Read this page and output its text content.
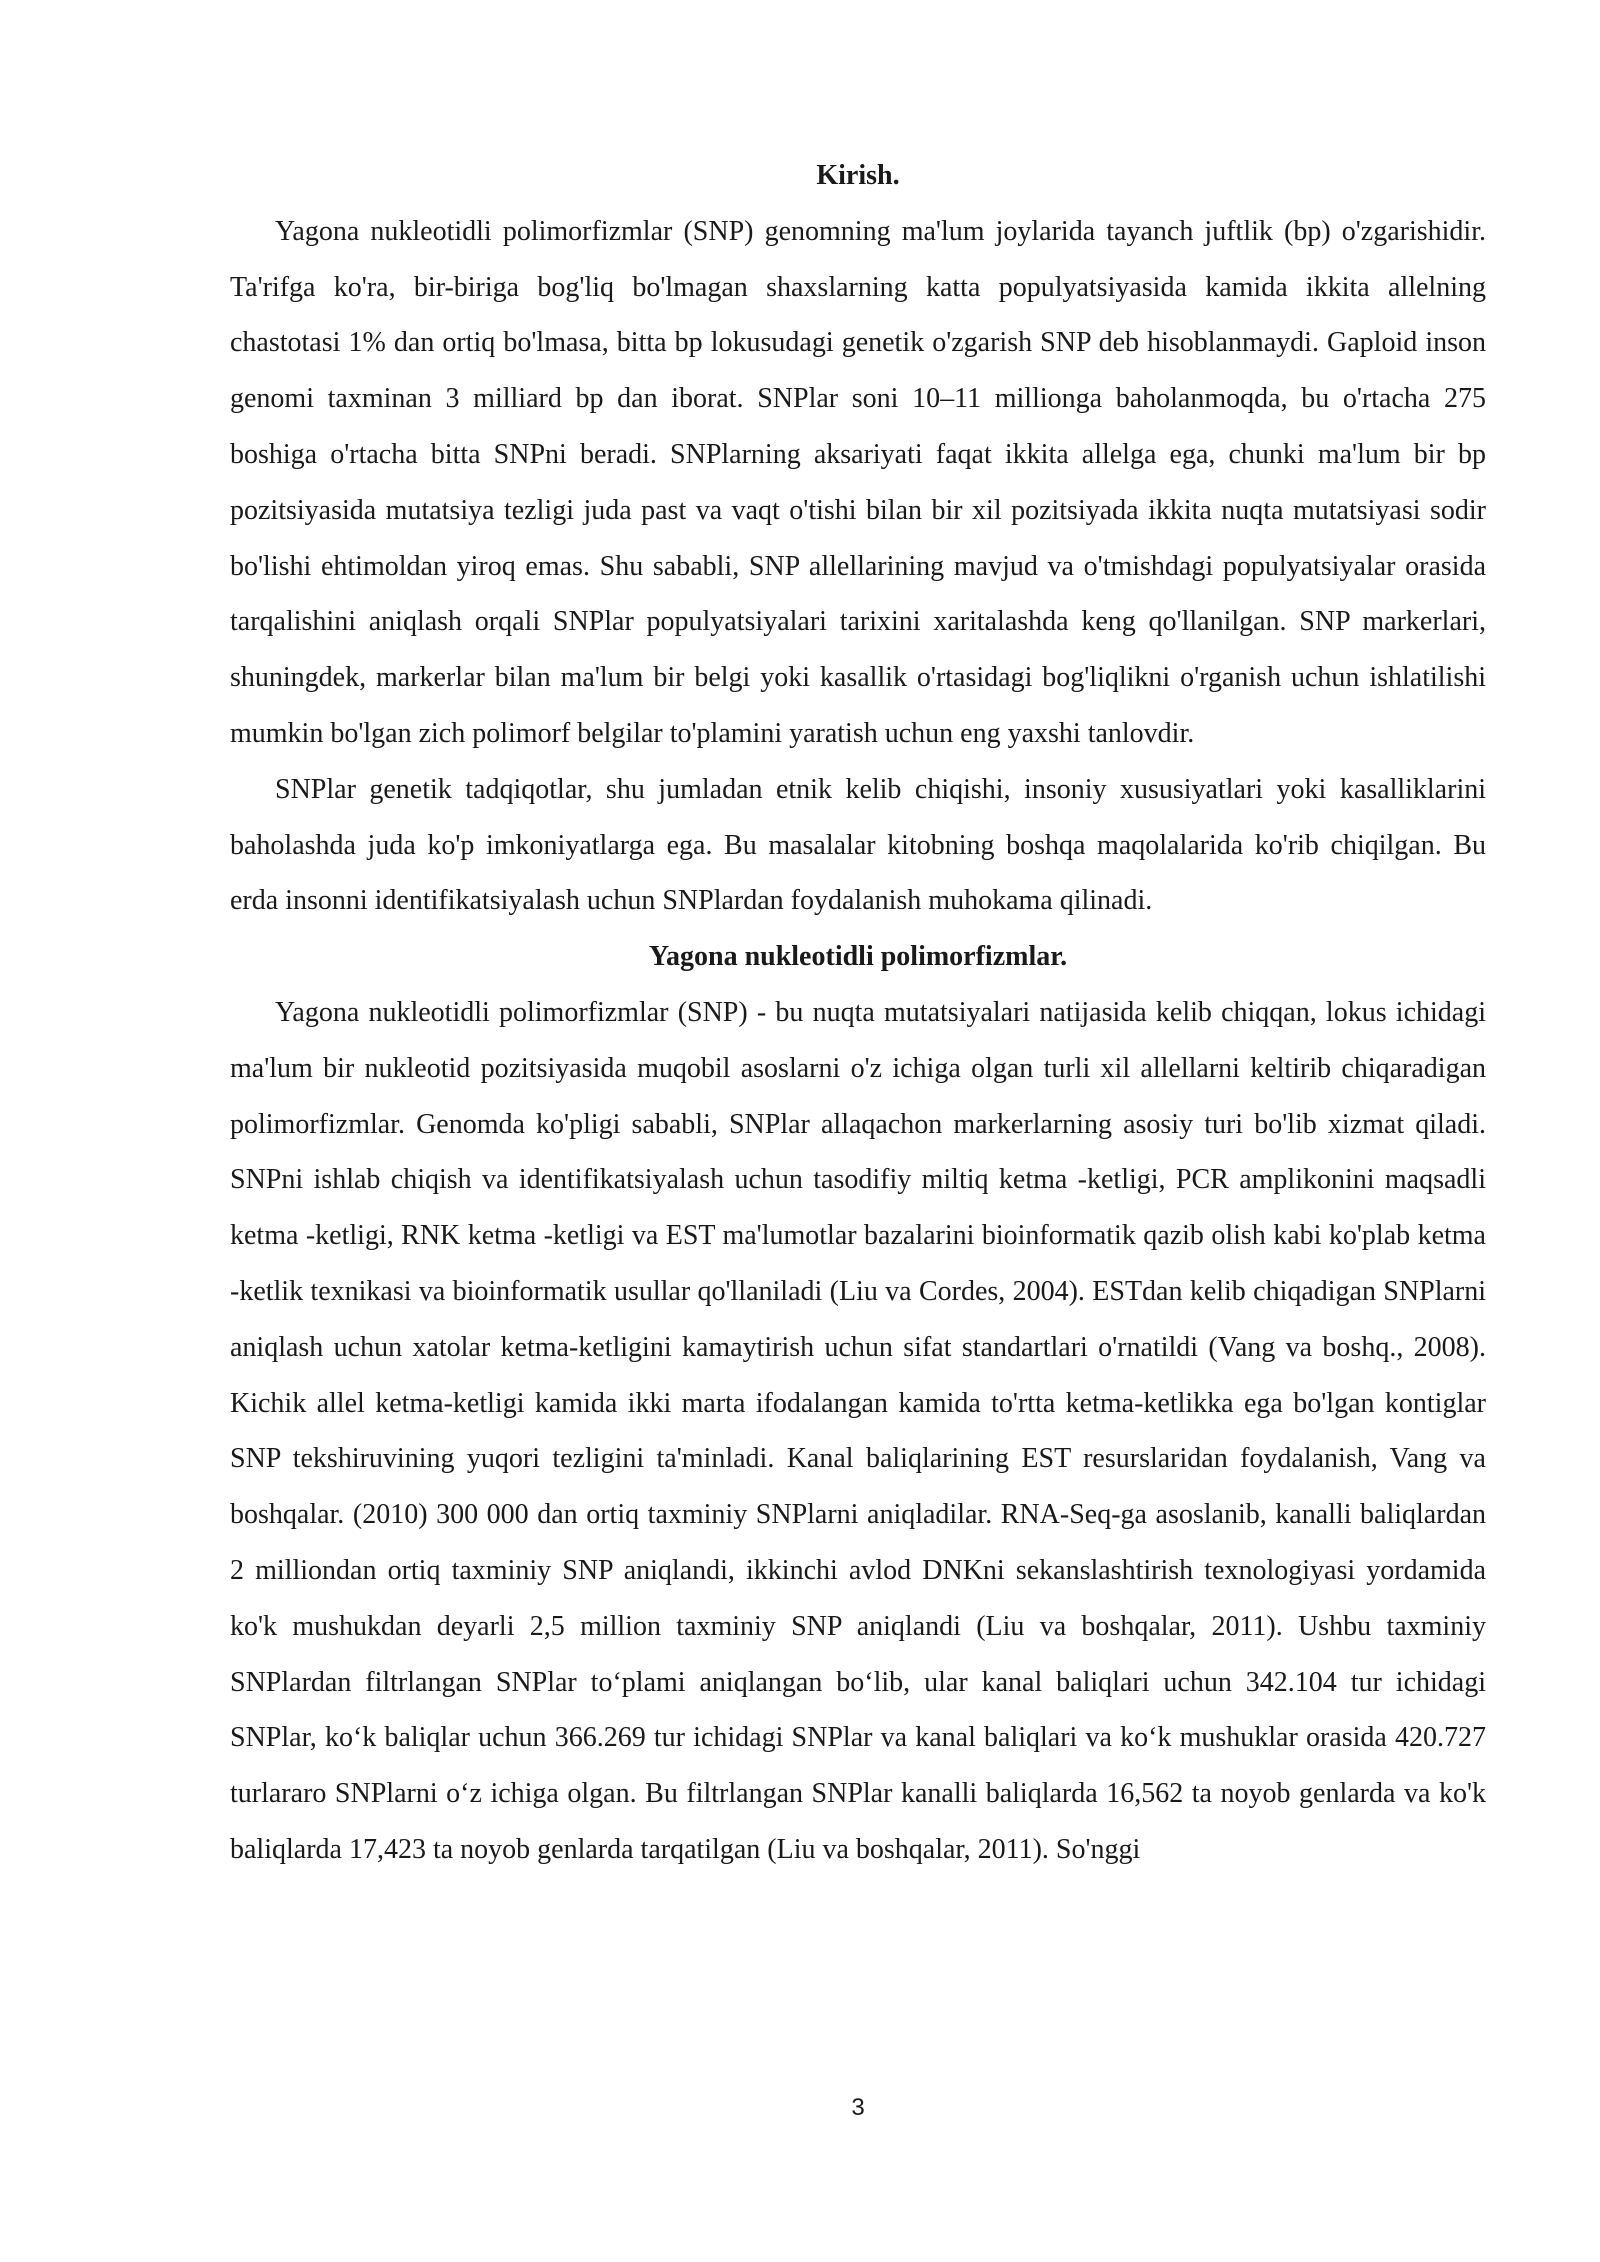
Kirish.

Yagona nukleotidli polimorfizmlar (SNP) genomning ma'lum joylarida tayanch juftlik (bp) o'zgarishidir. Ta'rifga ko'ra, bir-biriga bog'liq bo'lmagan shaxslarning katta populyatsiyasida kamida ikkita allelning chastotasi 1% dan ortiq bo'lmasa, bitta bp lokusudagi genetik o'zgarish SNP deb hisoblanmaydi. Gaploid inson genomi taxminan 3 milliard bp dan iborat. SNPlar soni 10–11 millionga baholanmoqda, bu o'rtacha 275 boshiga o'rtacha bitta SNPni beradi. SNPlarning aksariyati faqat ikkita allelga ega, chunki ma'lum bir bp pozitsiyasida mutatsiya tezligi juda past va vaqt o'tishi bilan bir xil pozitsiyada ikkita nuqta mutatsiyasi sodir bo'lishi ehtimoldan yiroq emas. Shu sababli, SNP allellarining mavjud va o'tmishdagi populyatsiyalar orasida tarqalishini aniqlash orqali SNPlar populyatsiyalari tarixini xaritalashda keng qo'llanilgan. SNP markerlari, shuningdek, markerlar bilan ma'lum bir belgi yoki kasallik o'rtasidagi bog'liqlikni o'rganish uchun ishlatilishi mumkin bo'lgan zich polimorf belgilar to'plamini yaratish uchun eng yaxshi tanlovdir.

SNPlar genetik tadqiqotlar, shu jumladan etnik kelib chiqishi, insoniy xususiyatlari yoki kasalliklarini baholashda juda ko'p imkoniyatlarga ega. Bu masalalar kitobning boshqa maqolalarida ko'rib chiqilgan. Bu erda insonni identifikatsiyalash uchun SNPlardan foydalanish muhokama qilinadi.

Yagona nukleotidli polimorfizmlar.

Yagona nukleotidli polimorfizmlar (SNP) - bu nuqta mutatsiyalari natijasida kelib chiqqan, lokus ichidagi ma'lum bir nukleotid pozitsiyasida muqobil asoslarni o'z ichiga olgan turli xil allellarni keltirib chiqaradigan polimorfizmlar. Genomda ko'pligi sababli, SNPlar allaqachon markerlarning asosiy turi bo'lib xizmat qiladi. SNPni ishlab chiqish va identifikatsiyalash uchun tasodifiy miltiq ketma -ketligi, PCR amplikonini maqsadli ketma -ketligi, RNK ketma -ketligi va EST ma'lumotlar bazalarini bioinformatik qazib olish kabi ko'plab ketma -ketlik texnikasi va bioinformatik usullar qo'llaniladi (Liu va Cordes, 2004). ESTdan kelib chiqadigan SNPlarni aniqlash uchun xatolar ketma-ketligini kamaytirish uchun sifat standartlari o'rnatildi (Vang va boshq., 2008). Kichik allel ketma-ketligi kamida ikki marta ifodalangan kamida to'rtta ketma-ketlikka ega bo'lgan kontiglar SNP tekshiruvining yuqori tezligini ta'minladi. Kanal baliqlarining EST resurslaridan foydalanish, Vang va boshqalar. (2010) 300 000 dan ortiq taxminiy SNPlarni aniqladilar. RNA-Seq-ga asoslanib, kanalli baliqlardan 2 milliondan ortiq taxminiy SNP aniqlandi, ikkinchi avlod DNKni sekanslashtirish texnologiyasi yordamida ko'k mushukdan deyarli 2,5 million taxminiy SNP aniqlandi (Liu va boshqalar, 2011). Ushbu taxminiy SNPlardan filtrlangan SNPlar to‘plami aniqlangan bo‘lib, ular kanal baliqlari uchun 342.104 tur ichidagi SNPlar, ko‘k baliqlar uchun 366.269 tur ichidagi SNPlar va kanal baliqlari va ko‘k mushuklar orasida 420.727 turlararo SNPlarni o‘z ichiga olgan. Bu filtrlangan SNPlar kanalli baliqlarda 16,562 ta noyob genlarda va ko'k baliqlarda 17,423 ta noyob genlarda tarqatilgan (Liu va boshqalar, 2011). So'nggi

3
